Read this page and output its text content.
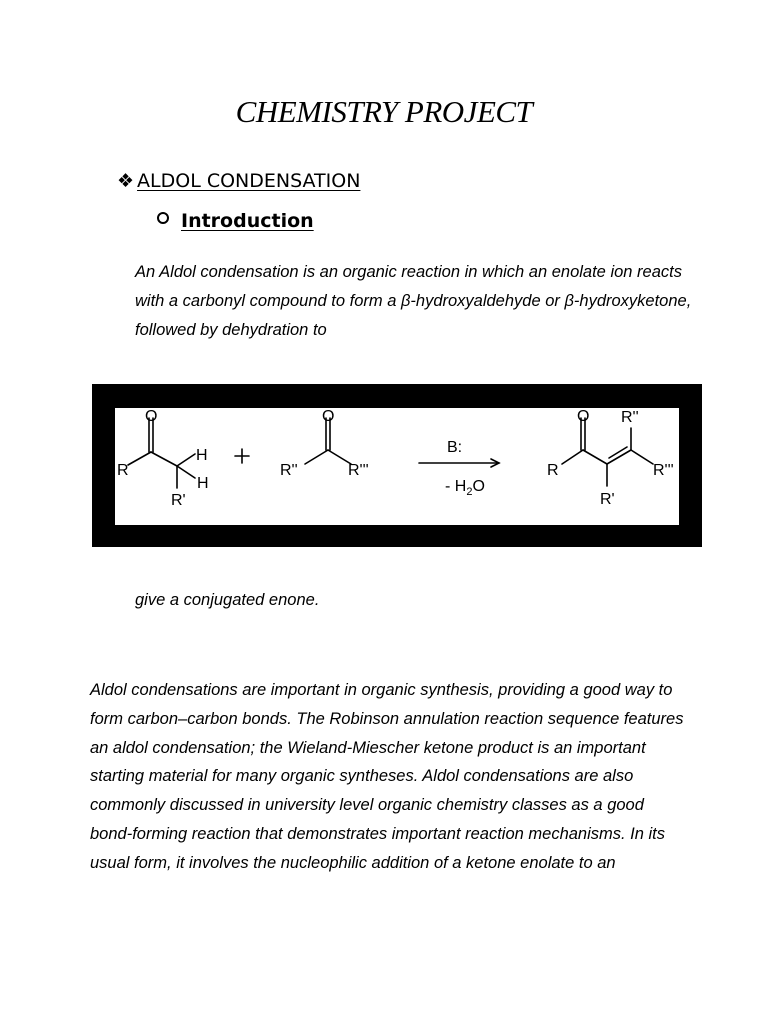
CHEMISTRY PROJECT
❖ ALDOL CONDENSATION
Introduction

An Aldol condensation is an organic reaction in which an enolate ion reacts with a carbonyl compound to form a β-hydroxyaldehyde or β-hydroxyketone, followed by dehydration to

O
R
H
H
R'
O
R''	R'''
B:
- $H_2O$
O
R
R''
R'''
R'

give a conjugated enone.

Aldol condensations are important in organic synthesis, providing a good way to form carbon–carbon bonds. The Robinson annulation reaction sequence features an aldol condensation; the Wieland-Miescher ketone product is an important starting material for many organic syntheses. Aldol condensations are also commonly discussed in university level organic chemistry classes as a good bond-forming reaction that demonstrates important reaction mechanisms. In its usual form, it involves the nucleophilic addition of a ketone enolate to an
